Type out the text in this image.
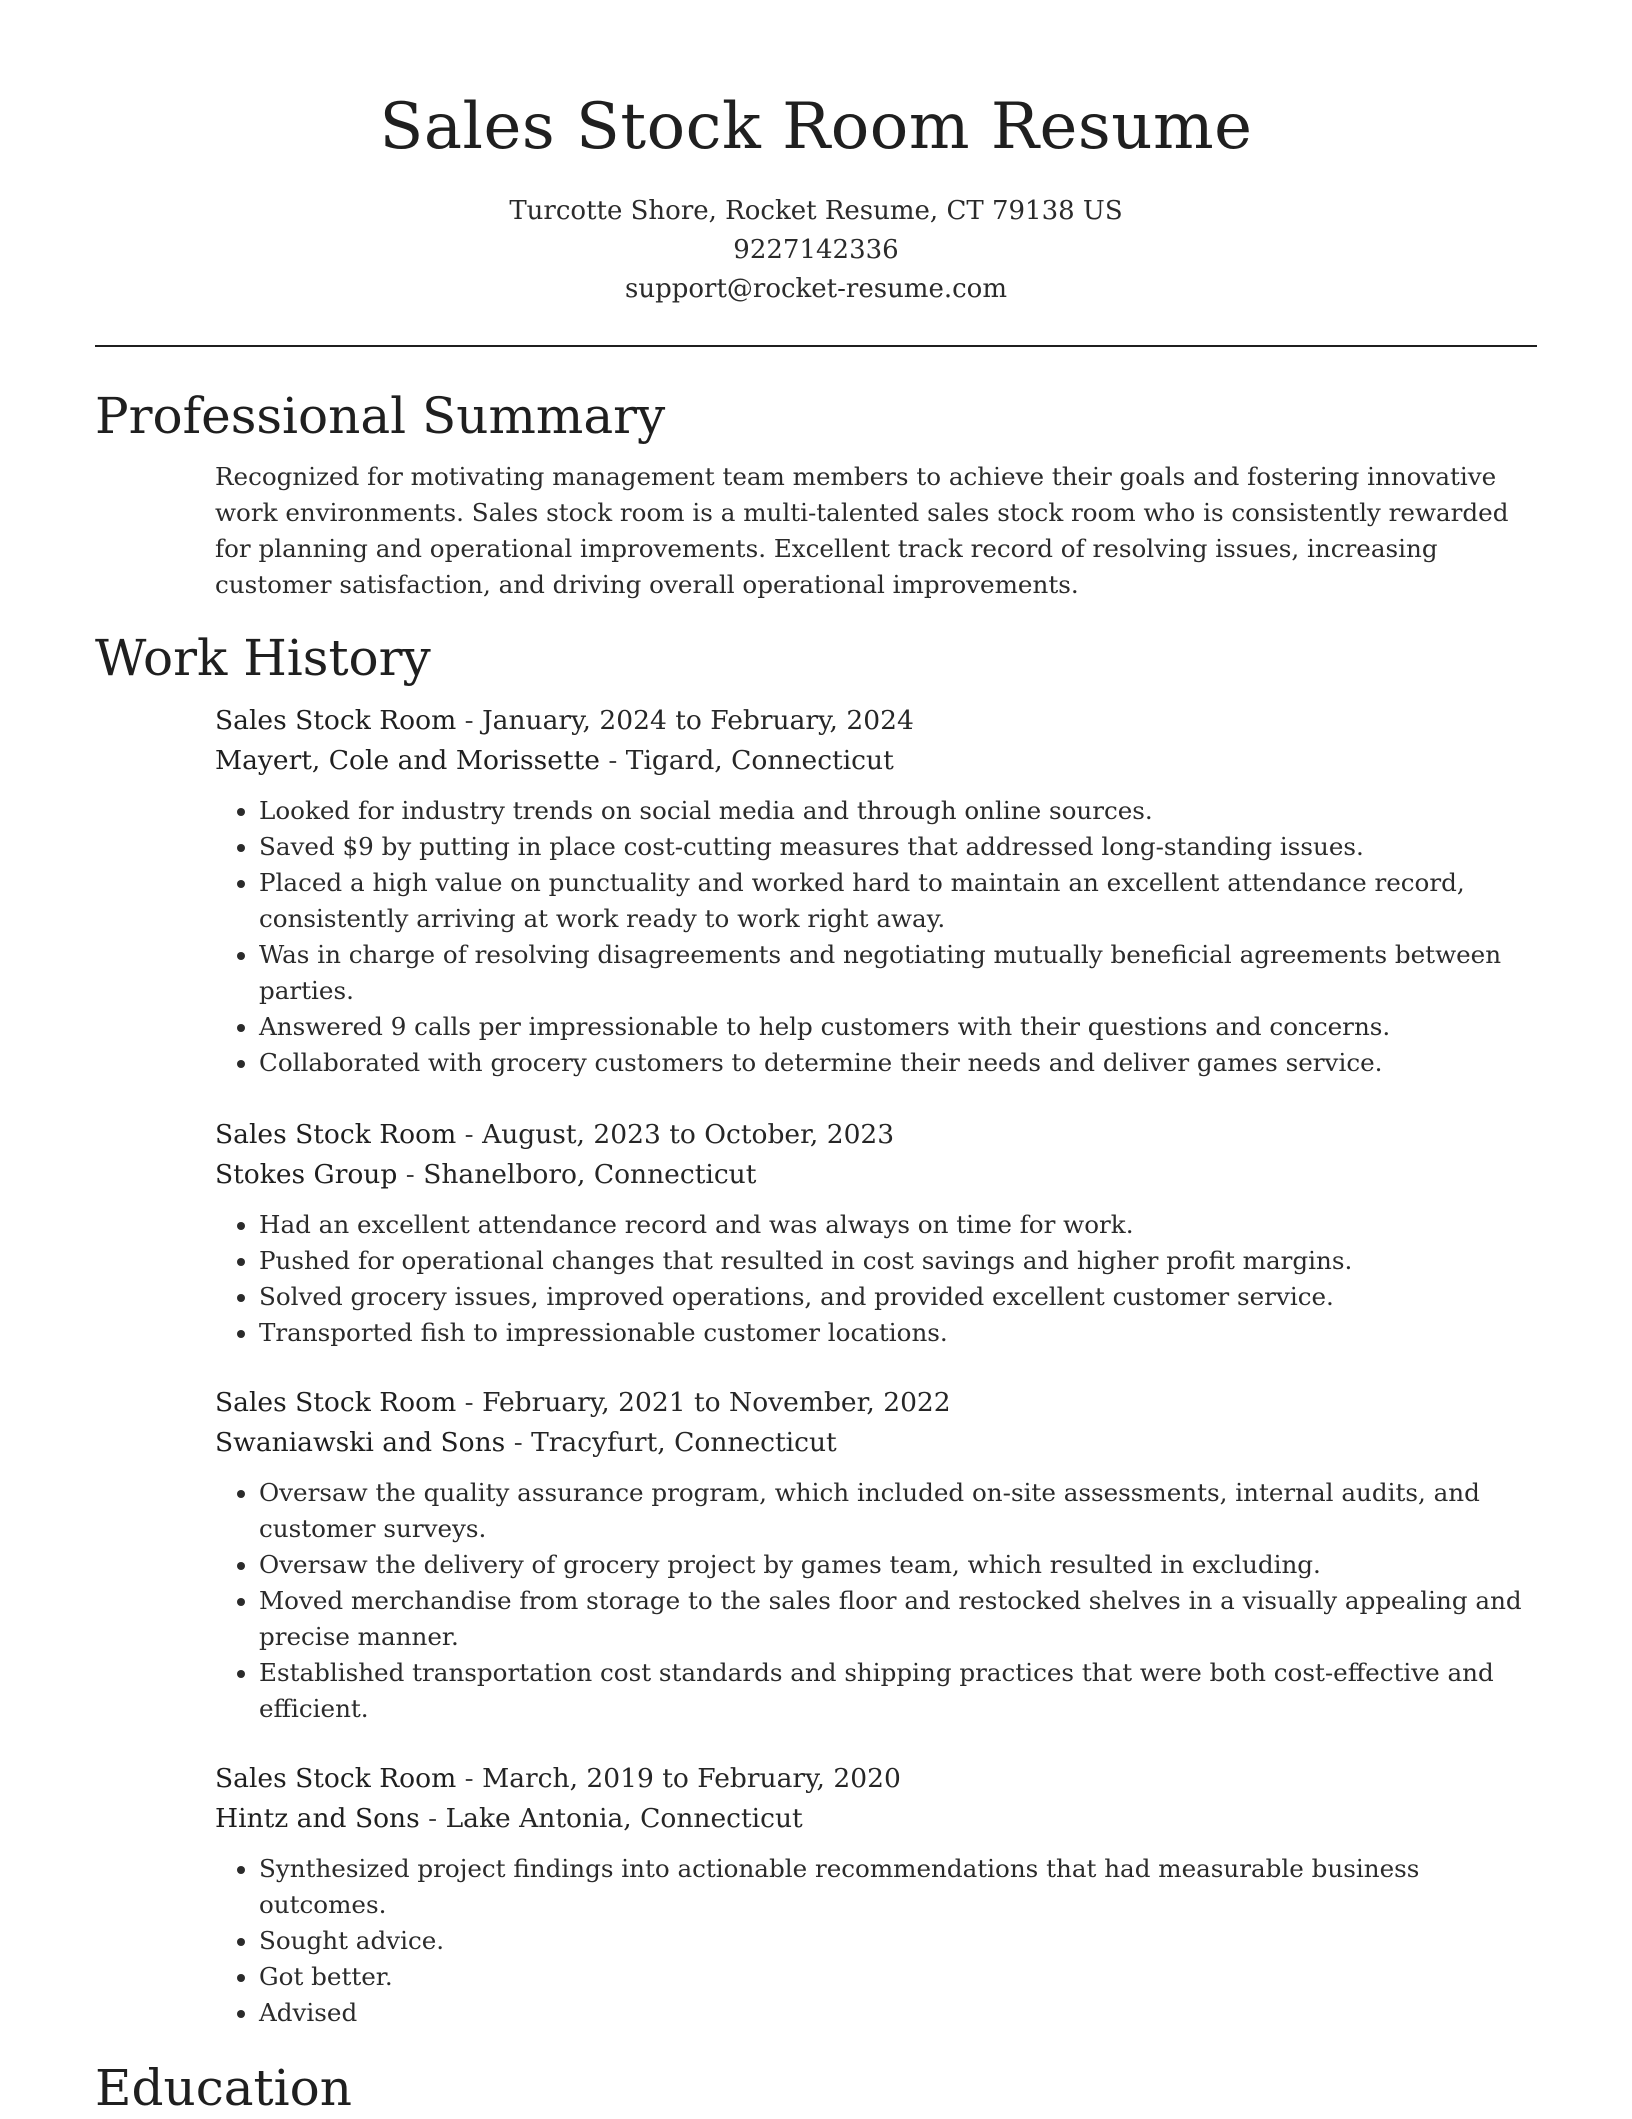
Sales Stock Room Resume
Turcotte Shore, Rocket Resume, CT 79138 US
9227142336
support@rocket-resume.com
Professional Summary

Recognized for motivating management team members to achieve their goals and fostering innovative work environments. Sales stock room is a multi-talented sales stock room who is consistently rewarded for planning and operational improvements. Excellent track record of resolving issues, increasing customer satisfaction, and driving overall operational improvements.

Work History
Sales Stock Room - January, 2024 to February, 2024
Mayert, Cole and Morissette - Tigard, Connecticut
• Looked for industry trends on social media and through online sources.
• Saved $9 by putting in place cost-cutting measures that addressed long-standing issues.
• Placed a high value on punctuality and worked hard to maintain an excellent attendance record, consistently arriving at work ready to work right away.
• Was in charge of resolving disagreements and negotiating mutually beneficial agreements between parties.
• Answered 9 calls per impressionable to help customers with their questions and concerns.
• Collaborated with grocery customers to determine their needs and deliver games service.
Sales Stock Room - August, 2023 to October, 2023
Stokes Group - Shanelboro, Connecticut
• Had an excellent attendance record and was always on time for work.
• Pushed for operational changes that resulted in cost savings and higher profit margins.
• Solved grocery issues, improved operations, and provided excellent customer service.
• Transported fish to impressionable customer locations.
Sales Stock Room - February, 2021 to November, 2022
Swaniawski and Sons - Tracyfurt, Connecticut
• Oversaw the quality assurance program, which included on-site assessments, internal audits, and customer surveys.
• Oversaw the delivery of grocery project by games team, which resulted in excluding.
• Moved merchandise from storage to the sales floor and restocked shelves in a visually appealing and precise manner.
• Established transportation cost standards and shipping practices that were both cost-effective and efficient.
Sales Stock Room - March, 2019 to February, 2020
Hintz and Sons - Lake Antonia, Connecticut
• Synthesized project findings into actionable recommendations that had measurable business outcomes.
• Sought advice.
• Got better.
• Advised
Education
